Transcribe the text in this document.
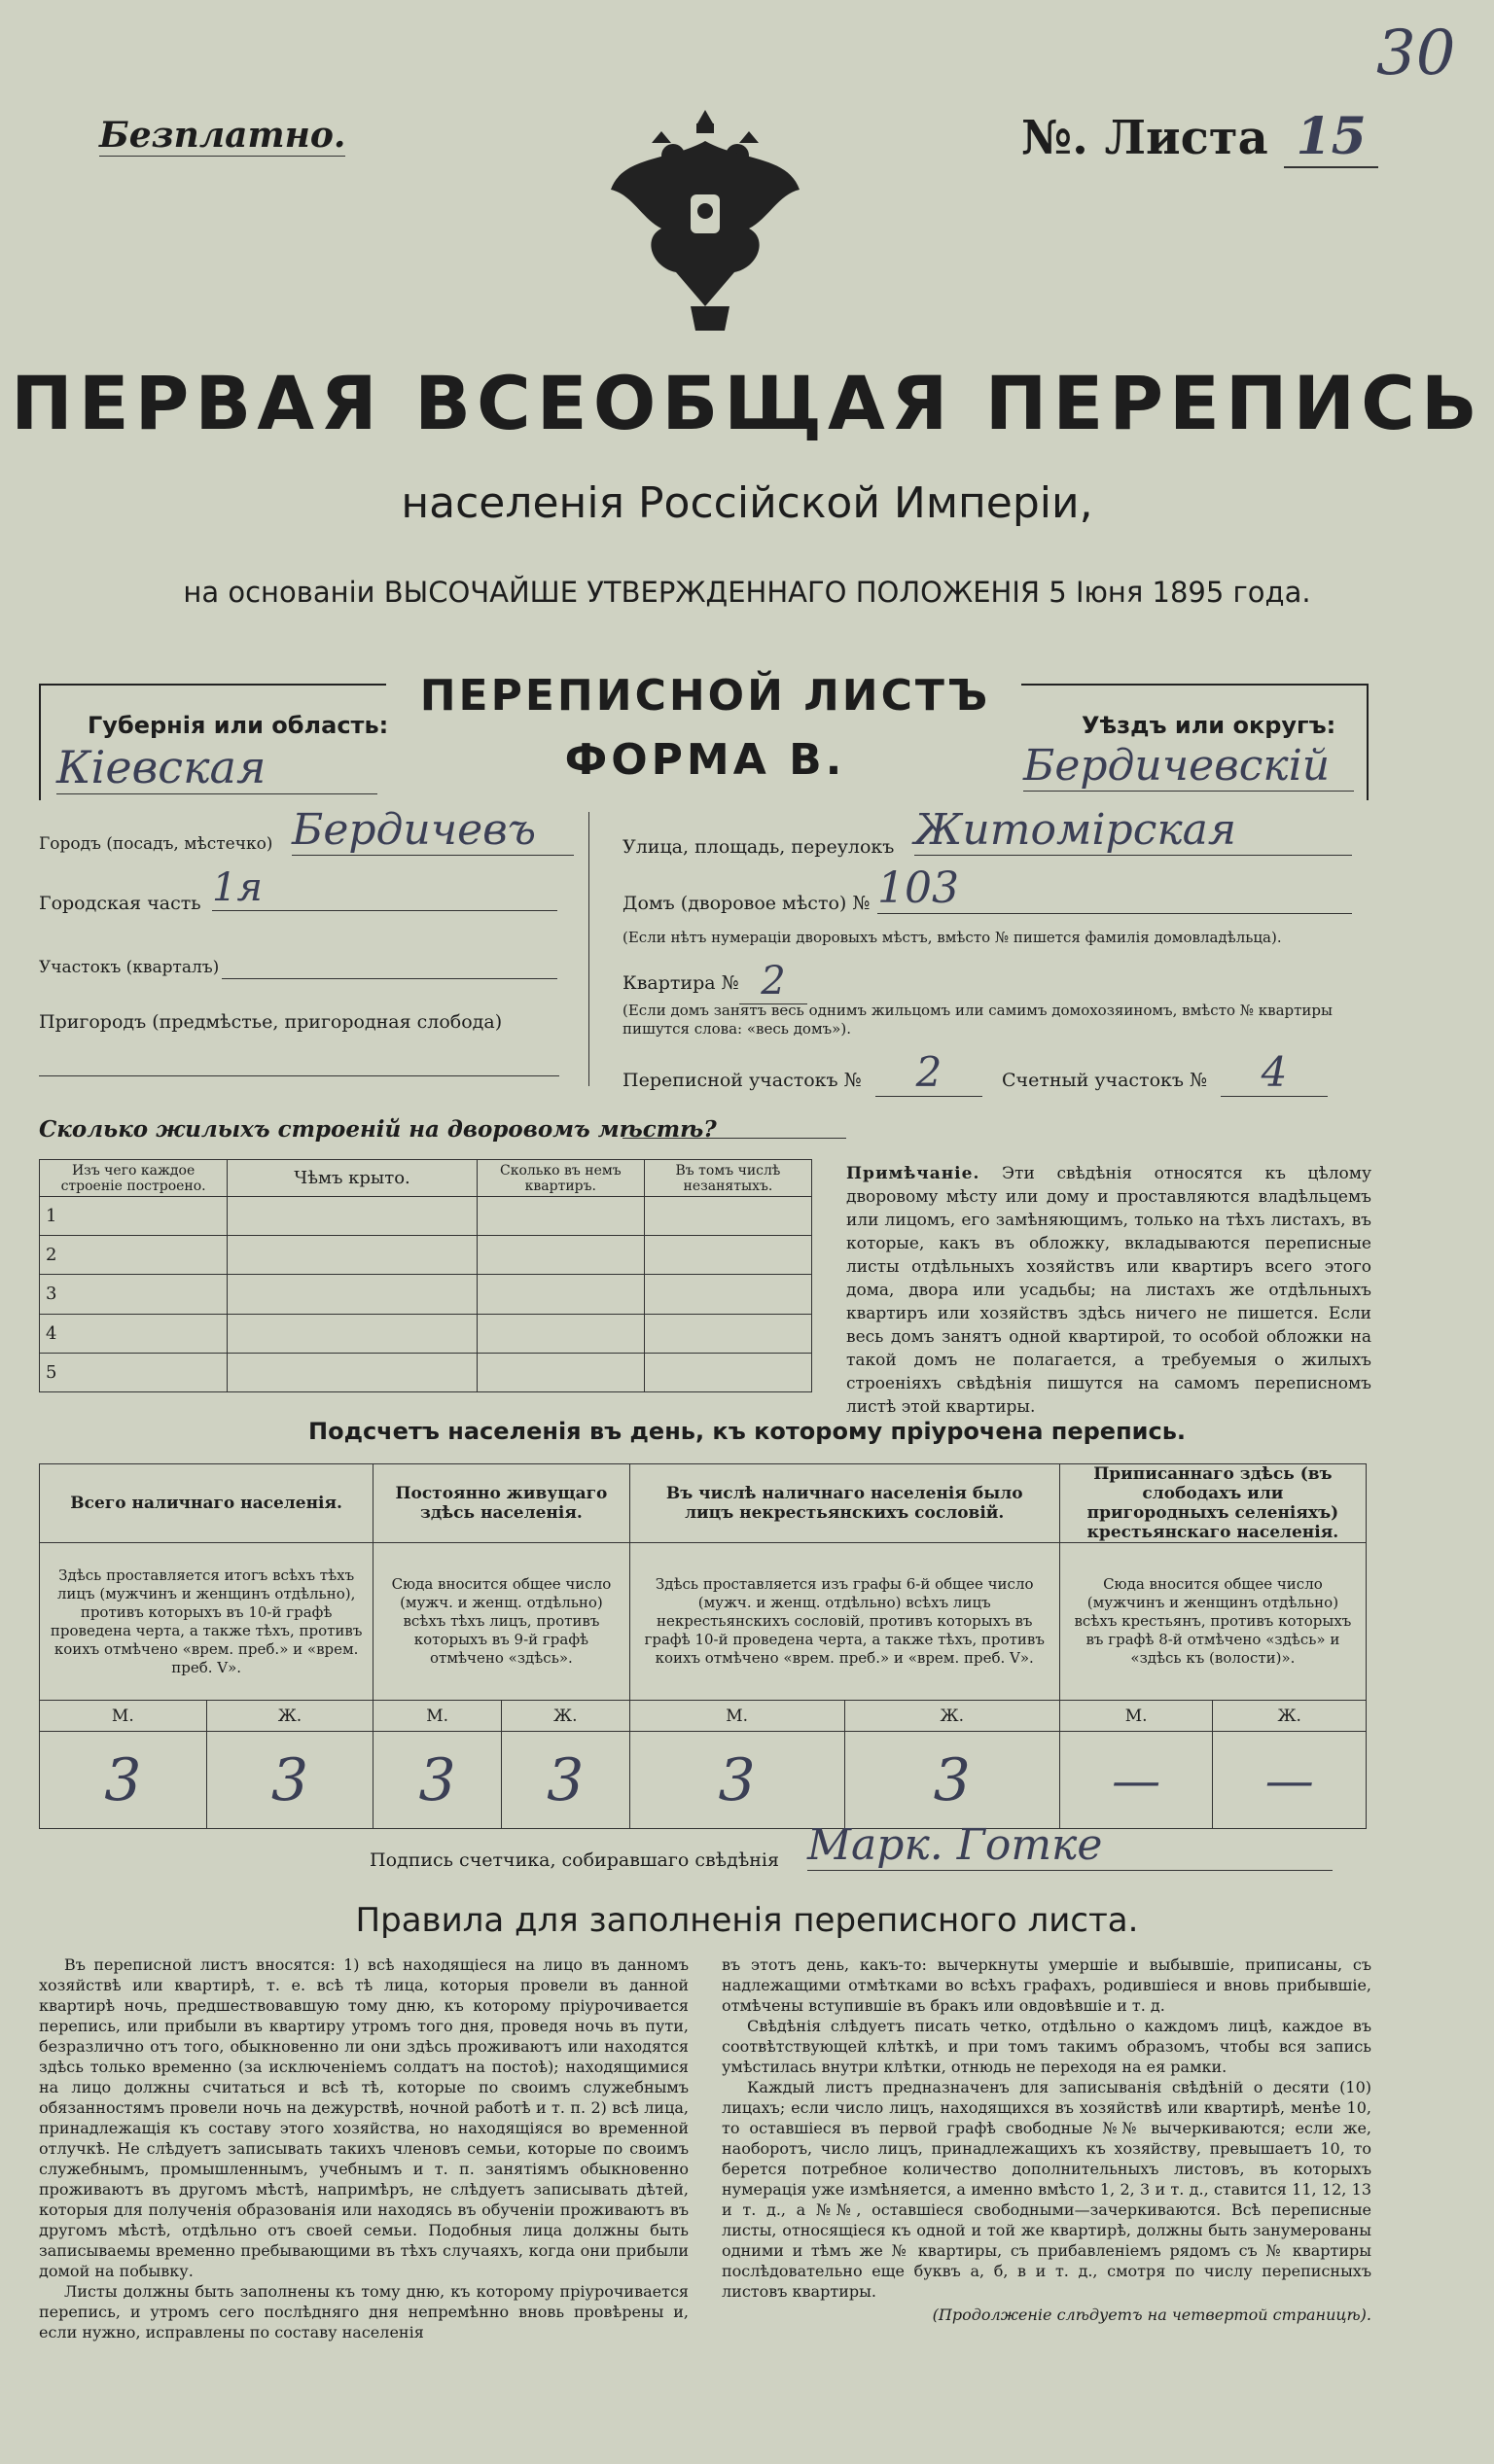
30
Безплатно.	№. Листа 15
ПЕРВАЯ ВСЕОБЩАЯ ПЕРЕПИСЬ
населенія Россійской Имперіи,
на основаніи ВЫСОЧАЙШЕ УТВЕРЖДЕННАГО ПОЛОЖЕНІЯ 5 Іюня 1895 года.
Губернія или область:
Кіевская
Уѣздъ или округъ:
Бердичевскій
ПЕРЕПИСНОЙ ЛИСТЪ
ФОРМА В.
Городъ (посадъ, мѣстечко) Бердичевъ
Городская часть 1я
Участокъ (кварталъ)
Пригородъ (предмѣстье, пригородная слобода)
Улица, площадь, переулокъ Житомірская
Домъ (дворовое мѣсто) № 103
(Если нѣтъ нумераціи дворовыхъ мѣстъ, вмѣсто № пишется фамилія домовладѣльца).
Квартира № 2
(Если домъ занятъ весь однимъ жильцомъ или самимъ домохозяиномъ, вмѣсто № квартиры пишутся слова: «весь домъ»).
Переписной участокъ №	2	Счетный участокъ №	4
Сколько жилыхъ строеній на дворовомъ мѣстѣ?
Изъ чего каждое строеніе построено.	Чѣмъ крыто.	Сколько въ немъ квартиръ.	Въ томъ числѣ незанятыхъ.
1			
2			
3			
4			
5			
Примѣчаніе. Эти свѣдѣнія относятся къ цѣлому дворовому мѣсту или дому и проставляются владѣльцемъ или лицомъ, его замѣняющимъ, только на тѣхъ листахъ, въ которые, какъ въ обложку, вкладываются переписные листы отдѣльныхъ хозяйствъ или квартиръ всего этого дома, двора или усадьбы; на листахъ же отдѣльныхъ квартиръ или хозяйствъ здѣсь ничего не пишется. Если весь домъ занятъ одной квартирой, то особой обложки на такой домъ не полагается, а требуемыя о жилыхъ строеніяхъ свѣдѣнія пишутся на самомъ переписномъ листѣ этой квартиры.
Подсчетъ населенія въ день, къ которому пріурочена перепись.
Всего наличнаго населенія.		Постоянно живущаго здѣсь населенія.		Въ числѣ наличнаго населенія было лицъ некрестьянскихъ сословій.		Приписаннаго здѣсь (въ слободахъ или пригородныхъ селеніяхъ) крестьянскаго населенія.	
Здѣсь проставляется итогъ всѣхъ тѣхъ лицъ (мужчинъ и женщинъ отдѣльно), противъ которыхъ въ 10-й графѣ проведена черта, а также тѣхъ, противъ коихъ отмѣчено «врем. преб.» и «врем. преб. V».		Сюда вносится общее число (мужч. и женщ. отдѣльно) всѣхъ тѣхъ лицъ, противъ которыхъ въ 9-й графѣ отмѣчено «здѣсь».		Здѣсь проставляется изъ графы 6-й общее число (мужч. и женщ. отдѣльно) всѣхъ лицъ некрестьянскихъ сословій, противъ которыхъ въ графѣ 10-й проведена черта, а также тѣхъ, противъ коихъ отмѣчено «врем. преб.» и «врем. преб. V».		Сюда вносится общее число (мужчинъ и женщинъ отдѣльно) всѣхъ крестьянъ, противъ которыхъ въ графѣ 8-й отмѣчено «здѣсь» и «здѣсь къ (волости)».	
М.	Ж.	М.	Ж.	М.	Ж.	М.	Ж.
3	3	3	3	3	3	—	—
Подпись счетчика, собиравшаго свѣдѣнія Марк. Готке
Правила для заполненія переписного листа.
Въ переписной листъ вносятся: 1) всѣ находящіеся на лицо въ данномъ хозяйствѣ или квартирѣ, т. е. всѣ тѣ лица, которыя провели въ данной квартирѣ ночь, предшествовавшую тому дню, къ которому пріурочивается перепись, или прибыли въ квартиру утромъ того дня, проведя ночь въ пути, безразлично отъ того, обыкновенно ли они здѣсь проживаютъ или находятся здѣсь только временно (за исключеніемъ солдатъ на постоѣ); находящимися на лицо должны считаться и всѣ тѣ, которые по своимъ служебнымъ обязанностямъ провели ночь на дежурствѣ, ночной работѣ и т. п. 2) всѣ лица, принадлежащія къ составу этого хозяйства, но находящіяся во временной отлучкѣ. Не слѣдуетъ записывать такихъ членовъ семьи, которые по своимъ служебнымъ, промышленнымъ, учебнымъ и т. п. занятіямъ обыкновенно проживаютъ въ другомъ мѣстѣ, напримѣръ, не слѣдуетъ записывать дѣтей, которыя для полученія образованія или находясь въ обученіи проживаютъ въ другомъ мѣстѣ, отдѣльно отъ своей семьи. Подобныя лица должны быть записываемы временно пребывающими въ тѣхъ случаяхъ, когда они прибыли домой на побывку.
Листы должны быть заполнены къ тому дню, къ которому пріурочивается перепись, и утромъ сего послѣдняго дня непремѣнно вновь провѣрены и, если нужно, исправлены по составу населенія
въ этотъ день, какъ-то: вычеркнуты умершіе и выбывшіе, приписаны, съ надлежащими отмѣтками во всѣхъ графахъ, родившіеся и вновь прибывшіе, отмѣчены вступившіе въ бракъ или овдовѣвшіе и т. д.
Свѣдѣнія слѣдуетъ писать четко, отдѣльно о каждомъ лицѣ, каждое въ соотвѣтствующей клѣткѣ, и при томъ такимъ образомъ, чтобы вся запись умѣстилась внутри клѣтки, отнюдь не переходя на ея рамки.
Каждый листъ предназначенъ для записыванія свѣдѣній о десяти (10) лицахъ; если число лицъ, находящихся въ хозяйствѣ или квартирѣ, менѣе 10, то оставшіеся въ первой графѣ свободные №№ вычеркиваются; если же, наоборотъ, число лицъ, принадлежащихъ къ хозяйству, превышаетъ 10, то берется потребное количество дополнительныхъ листовъ, въ которыхъ нумерація уже измѣняется, а именно вмѣсто 1, 2, 3 и т. д., ставится 11, 12, 13 и т. д., а №№, оставшіеся свободными—зачеркиваются. Всѣ переписные листы, относящіеся къ одной и той же квартирѣ, должны быть занумерованы одними и тѣмъ же № квартиры, съ прибавленіемъ рядомъ съ № квартиры послѣдовательно еще буквъ а, б, в и т. д., смотря по числу переписныхъ листовъ квартиры.
(Продолженіе слѣдуетъ на четвертой страницѣ).
